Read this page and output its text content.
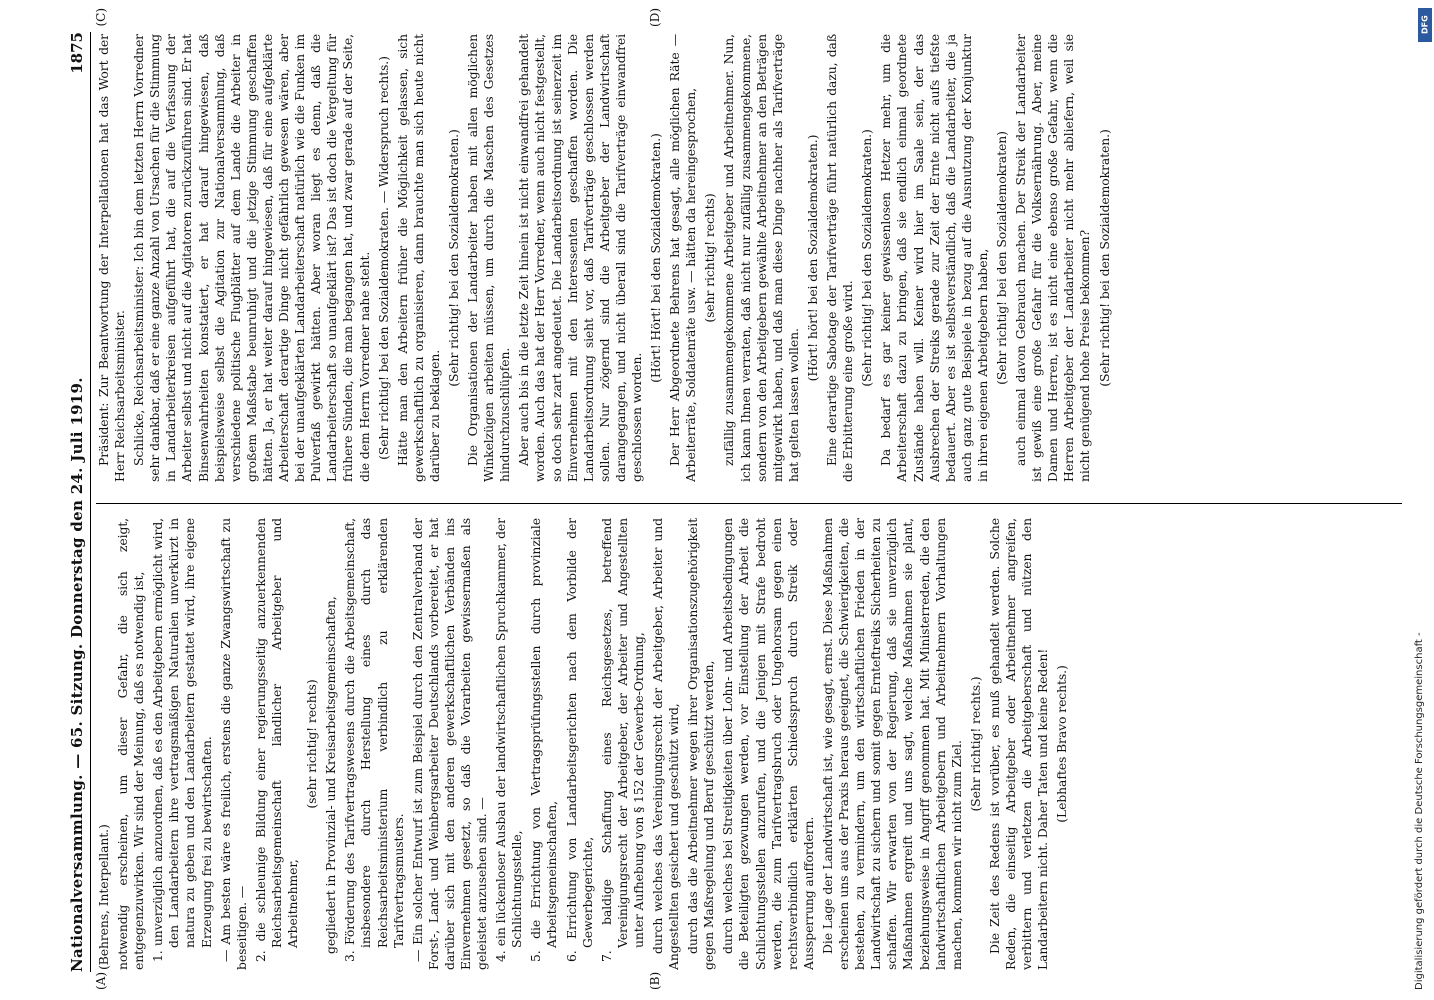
Nationalversammlung. — 65. Sitzung. Donnerstag den 24. Juli 1919.
1875
(A)	(B)
(C)	(D)

(Behrens, Interpellant.) notwendig erscheinen, um dieser Gefahr, die sich zeigt, entgegenzuwirken. Wir sind der Meinung, daß es notwendig ist, 1. unverzüglich anzuordnen, daß es den Arbeitgebern ermöglicht wird, den Landarbeitern ihre vertragsmäßigen Naturalien unverkürzt in natura zu geben und den Landarbeitern gestattet wird, ihre eigene Erzeugung frei zu bewirtschaften. — Am besten wäre es freilich, erstens die ganze Zwangswirtschaft zu beseitigen. — 2. die schleunige Bildung einer regierungsseitig anzuerkennenden Reichsarbeitsgemeinschaft ländlicher Arbeitgeber und Arbeitnehmer,

(sehr richtig! rechts) gegliedert in Provinzial- und Kreisarbeitsgemeinschaften, 3. Förderung des Tarifvertragswesens durch die Arbeitsgemeinschaft, insbesondere durch Herstellung eines durch das Reichsarbeitsministerium verbindlich zu erklärenden Tarifvertragsmusters. — Ein solcher Entwurf ist zum Beispiel durch den Zentralverband der Forst-, Land- und Weinbergsarbeiter Deutschlands vorbereitet, er hat darüber sich mit den anderen gewerkschaftlichen Verbänden ins Einvernehmen gesetzt, so daß die Vorarbeiten gewissermaßen als geleistet anzusehen sind. — 4. ein lückenloser Ausbau der landwirtschaftlichen Spruchkammer, der Schlichtungsstelle, 5. die Errichtung von Vertragsprüfungsstellen durch provinziale Arbeitsgemeinschaften, 6. Errichtung von Landarbeitsgerichten nach dem Vorbilde der Gewerbegerichte, 7. baldige Schaffung eines Reichsgesetzes, betreffend Vereinigungsrecht der Arbeitgeber, der Arbeiter und Angestellten unter Aufhebung von § 152 der Gewerbe-Ordnung, durch welches das Vereinigungsrecht der Arbeitgeber, Arbeiter und Angestellten gesichert und geschützt wird, durch das die Arbeitnehmer wegen ihrer Organisationszugehörigkeit gegen Maßregelung und Beruf geschützt werden, durch welches bei Streitigkeiten über Lohn- und Arbeitsbedingungen die Beteiligten gezwungen werden, vor Einstellung der Arbeit die Schlichtungsstellen anzurufen, und die Jenigen mit Strafe bedroht werden, die zum Tarifvertragsbruch oder Ungehorsam gegen einen rechtsverbindlich erklärten Schiedsspruch durch Streik oder Aussperrung auffordern. Die Lage der Landwirtschaft ist, wie gesagt, ernst. Diese Maßnahmen erscheinen uns aus der Praxis heraus geeignet, die Schwierigkeiten, die bestehen, zu vermindern, um den wirtschaftlichen Frieden in der Landwirtschaft zu sichern und somit gegen Ernteftreiks Sicherheiten zu schaffen. Wir erwarten von der Regierung, daß sie unverzüglich Maßnahmen ergreift und uns sagt, welche Maßnahmen sie plant, beziehungsweise in Angriff genommen hat. Mit Ministerreden, die den landwirtschaftlichen Arbeitgebern und Arbeitnehmern Vorhaltungen machen, kommen wir nicht zum Ziel. (Sehr richtig! rechts.) Die Zeit des Redens ist vorüber, es muß gehandelt werden. Solche Reden, die einseitig Arbeitgeber oder Arbeitnehmer angreifen, verbittern und verletzen die Arbeitgeberschaft und nützen den Landarbeitern nicht. Daher Taten und keine Reden! (Lebhaftes Bravo rechts.)

Präsident: Zur Beantwortung der Interpellationen hat das Wort der Herr Reichsarbeitsminister. Schlicke, Reichsarbeitsminister: Ich bin dem letzten Herrn Vorredner sehr dankbar, daß er eine ganze Anzahl von Ursachen für die Stimmung in Landarbeiterkreisen aufgeführt hat, die auf die Verfassung der Arbeiter selbst und nicht auf die Agitatoren zurückzuführen sind. Er hat Binsenwahrheiten konstatiert, er hat darauf hingewiesen, daß beispielsweise selbst die Agitation zur Nationalversammlung, daß verschiedene politische Flugblätter auf dem Lande die Arbeiter in großem Maßstabe beunruhigt und die jetzige Stimmung geschaffen hätten. Ja, er hat weiter darauf hingewiesen, daß für eine aufgeklärte Arbeiterschaft derartige Dinge nicht gefährlich gewesen wären, aber bei der unaufgeklärten Landarbeiterschaft natürlich wie die Funken im Pulverfaß gewirkt hätten. Aber woran liegt es denn, daß die Landarbeiterschaft so unaufgeklärt ist? Das ist doch die Vergeltung für frühere Sünden, die man begangen hat, und zwar gerade auf der Seite, die dem Herrn Vorredner nahe steht. (Sehr richtig! bei den Sozialdemokraten. — Widerspruch rechts.) Hätte man den Arbeitern früher die Möglichkeit gelassen, sich gewerkschaftlich zu organisieren, dann brauchte man sich heute nicht darüber zu beklagen.

(Sehr richtig! bei den Sozialdemokraten.) Die Organisationen der Landarbeiter haben mit allen möglichen Winkelzügen arbeiten müssen, um durch die Maschen des Gesetzes hindurchzuschlüpfen. Aber auch bis in die letzte Zeit hinein ist nicht einwandfrei gehandelt worden. Auch das hat der Herr Vorredner, wenn auch nicht festgestellt, so doch sehr zart angedeutet. Die Landarbeitsordnung ist seinerzeit im Einvernehmen mit den Interessenten geschaffen worden. Die Landarbeitsordnung sieht vor, daß Tarifverträge geschlossen werden sollen. Nur zögernd sind die Arbeitgeber der Landwirtschaft darangegangen, und nicht überall sind die Tarifverträge einwandfrei geschlossen worden.

(Hört! Hört! bei den Sozialdemokraten.) Der Herr Abgeordnete Behrens hat gesagt, alle möglichen Räte — Arbeiterräte, Soldatenräte usw. — hätten da hereingesprochen, (sehr richtig! rechts) zufällig zusammengekommene Arbeitgeber und Arbeitnehmer. Nun, ich kann Ihnen verraten, daß nicht nur zufällig zusammengekommene, sondern von den Arbeitgebern gewählte Arbeitnehmer an den Beträgen mitgewirkt haben, und daß man diese Dinge nachher als Tarifverträge hat gelten lassen wollen.

(Hört! hört! bei den Sozialdemokraten.) Eine derartige Sabotage der Tarifverträge führt natürlich dazu, daß die Erbitterung eine große wird. (Sehr richtig! bei den Sozialdemokraten.) Da bedarf es gar keiner gewissenlosen Hetzer mehr, um die Arbeiterschaft dazu zu bringen, daß sie endlich einmal geordnete Zustände haben will. Keiner wird hier im Saale sein, der das Ausbrechen der Streiks gerade zur Zeit der Ernte nicht aufs tiefste bedauert. Aber es ist selbstverständlich, daß die Landarbeiter, die ja auch ganz gute Beispiele in bezug auf die Ausnutzung der Konjunktur in ihren eigenen Arbeitgebern haben, (Sehr richtig! bei den Sozialdemokraten) auch einmal davon Gebrauch machen. Der Streik der Landarbeiter ist gewiß eine große Gefahr für die Volksernährung. Aber, meine Damen und Herren, ist es nicht eine ebenso große Gefahr, wenn die Herren Arbeitgeber der Landarbeiter nicht mehr abliefern, weil sie nicht genügend hohe Preise bekommen? (Sehr richtig! bei den Sozialdemokraten.)

DFG
Digitalisierung gefördert durch die Deutsche Forschungsgemeinschaft -
